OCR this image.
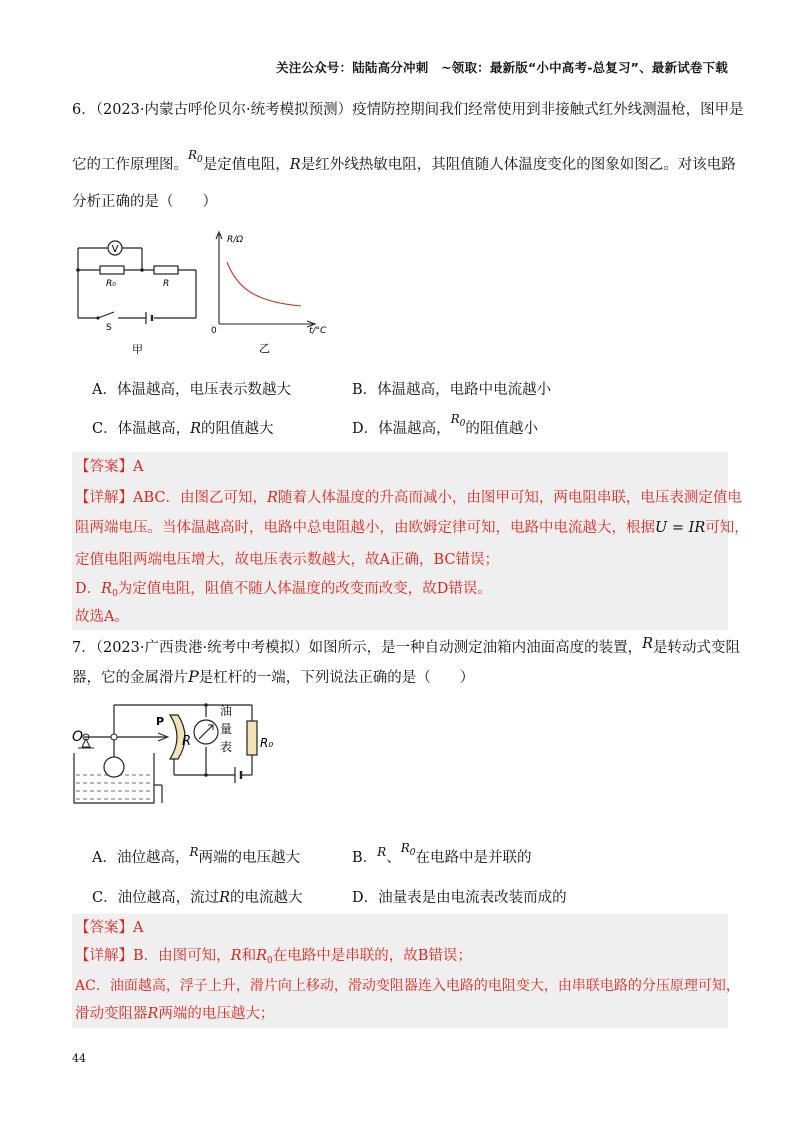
关注公众号：陆陆高分冲刺　~领取：最新版“小中高考-总复习”、最新试卷下载
6．（2023·内蒙古呼伦贝尔·统考模拟预测）疫情防控期间我们经常使用到非接触式红外线测温枪，图甲是
它的工作原理图。$^{R_0}$是定值电阻，R是红外线热敏电阻，其阻值随人体温度变化的图象如图乙。对该电路
分析正确的是（　　）
V
R₀	R
S
甲
R/Ω
0	t/°C
乙
A．体温越高，电压表示数越大	B．体温越高，电路中电流越小
C．体温越高，R的阻值越大	D．体温越高，$^{R_0}$的阻值越小
【答案】A
【详解】ABC．由图乙可知，R随着人体温度的升高而减小，由图甲可知，两电阻串联，电压表测定值电
阻两端电压。当体温越高时，电路中总电阻越小，由欧姆定律可知，电路中电流越大，根据U = IR可知，
定值电阻两端电压增大，故电压表示数越大，故A正确，BC错误；
D．$R_0$为定值电阻，阻值不随人体温度的改变而改变，故D错误。
故选A。
7．（2023·广西贵港·统考中考模拟）如图所示，是一种自动测定油箱内油面高度的装置，R是转动式变阻
器，它的金属滑片P是杠杆的一端，下列说法正确的是（　　）
O
P
R
油
量
表 R₀
A．油位越高，$^R$两端的电压越大	B．$^R$、$^{R_0}$在电路中是并联的
C．油位越高，流过R的电流越大	D．油量表是由电流表改装而成的
【答案】A
【详解】B．由图可知，R和$R_0$在电路中是串联的，故B错误；
AC．油面越高，浮子上升，滑片向上移动，滑动变阻器连入电路的电阻变大，由串联电路的分压原理可知，
滑动变阻器R两端的电压越大；
44
